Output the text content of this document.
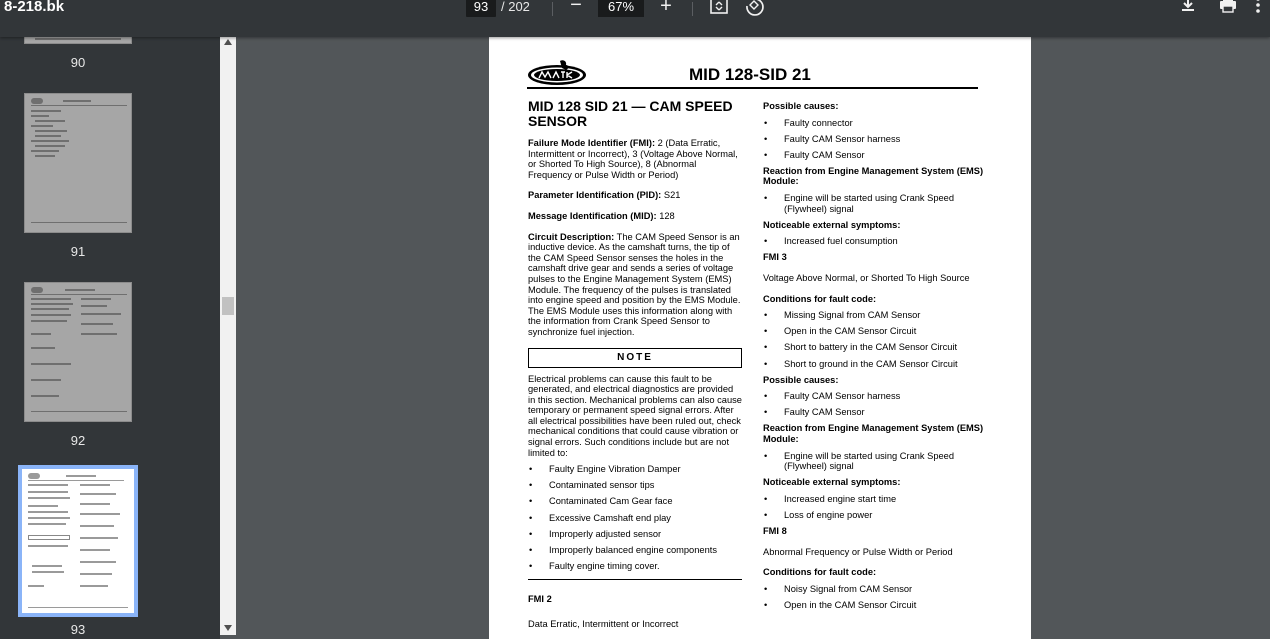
8-218.bk	93 / 202 −	67%	+
90
91
92
93
MID 128-SID 21
MID 128 SID 21 — CAM SPEED SENSOR
Failure Mode Identifier (FMI): 2 (Data Erratic, Intermittent or Incorrect), 3 (Voltage Above Normal, or Shorted To High Source), 8 (Abnormal Frequency or Pulse Width or Period)
Parameter Identification (PID): S21
Message Identification (MID): 128
Circuit Description: The CAM Speed Sensor is an inductive device. As the camshaft turns, the tip of the CAM Speed Sensor senses the holes in the camshaft drive gear and sends a series of voltage pulses to the Engine Management System (EMS) Module. The frequency of the pulses is translated into engine speed and position by the EMS Module. The EMS Module uses this information along with the information from Crank Speed Sensor to synchronize fuel injection.
NOTE
Electrical problems can cause this fault to be generated, and electrical diagnostics are provided in this section. Mechanical problems can also cause temporary or permanent speed signal errors. After all electrical possibilities have been ruled out, check mechanical conditions that could cause vibration or signal errors. Such conditions include but are not limited to:
• Faulty Engine Vibration Damper
• Contaminated sensor tips
• Contaminated Cam Gear face
• Excessive Camshaft end play
• Improperly adjusted sensor
• Improperly balanced engine components
• Faulty engine timing cover.
FMI 2
Data Erratic, Intermittent or Incorrect
Possible causes:
• Faulty connector
• Faulty CAM Sensor harness
• Faulty CAM Sensor
Reaction from Engine Management System (EMS) Module:
• Engine will be started using Crank Speed (Flywheel) signal
Noticeable external symptoms:
• Increased fuel consumption
FMI 3
Voltage Above Normal, or Shorted To High Source
Conditions for fault code:
• Missing Signal from CAM Sensor
• Open in the CAM Sensor Circuit
• Short to battery in the CAM Sensor Circuit
• Short to ground in the CAM Sensor Circuit
Possible causes:
• Faulty CAM Sensor harness
• Faulty CAM Sensor
Reaction from Engine Management System (EMS) Module:
• Engine will be started using Crank Speed (Flywheel) signal
Noticeable external symptoms:
• Increased engine start time
• Loss of engine power
FMI 8
Abnormal Frequency or Pulse Width or Period
Conditions for fault code:
• Noisy Signal from CAM Sensor
• Open in the CAM Sensor Circuit
